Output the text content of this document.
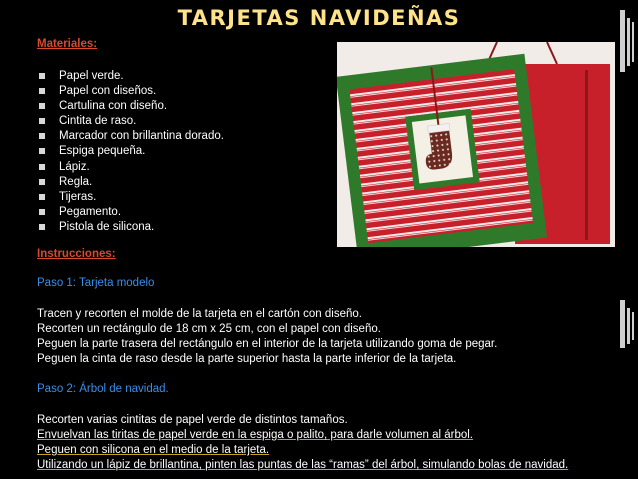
TARJETAS NAVIDEÑAS
Materiales:
Papel verde.
Papel con diseños.
Cartulina con diseño.
Cintita de raso.
Marcador con brillantina dorado.
Espiga pequeña.
Lápiz.
Regla.
Tijeras.
Pegamento.
Pistola de silicona.
Instrucciones:
Paso 1: Tarjeta modelo
Tracen y recorten el molde de la tarjeta en el cartón con diseño.
Recorten un rectángulo de 18 cm x 25 cm, con el papel con diseño.
Peguen la parte trasera del rectángulo en el interior de la tarjeta utilizando goma de pegar.
Peguen la cinta de raso desde la parte superior hasta la parte inferior de la tarjeta.
Paso 2: Árbol de navidad.
Recorten varias cintitas de papel verde de distintos tamaños.
Envuelvan las tiritas de papel verde en la espiga o palito, para darle volumen al árbol.
Peguen con silicona en el medio de la tarjeta.
Utilizando un lápiz de brillantina, pinten las puntas de las “ramas” del árbol, simulando bolas de navidad.
